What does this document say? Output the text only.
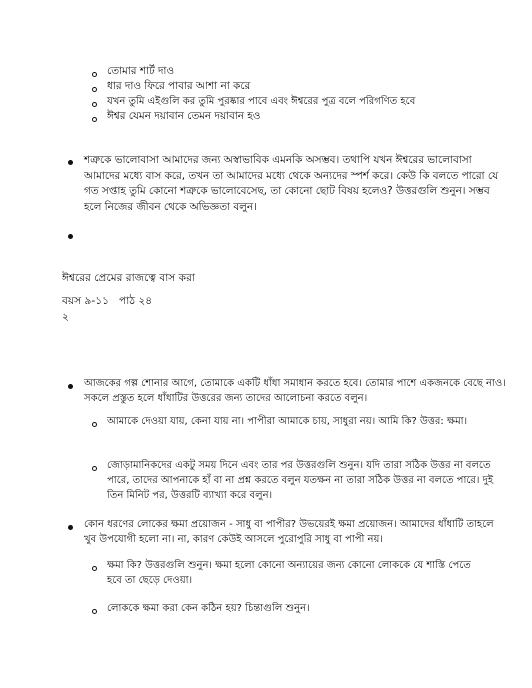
তোমার শার্ট দাও
ধার দাও ফিরে পাবার আশা না করে
যখন তুমি এইগুলি কর তুমি পুরষ্কার পাবে এবং ঈশ্বরের পুত্র বলে পরিগণিত হবে
ঈশ্বর যেমন দয়াবান তেমন দয়াবান হও
শত্রুকে ভালোবাসা আমাদের জন্য অস্বাভাবিক এমনকি অসম্ভব। তথাপি যখন ঈশ্বরের ভালোবাসা আমাদের মধ্যে বাস করে, তখন তা আমাদের মধ্যে থেকে অন্যদের স্পর্শ করে। কেউ কি বলতে পারো যে গত সপ্তাহ তুমি কোনো শত্রুকে ভালোবেসেছ, তা কোনো ছোট বিষয় হলেও? উত্তরগুলি শুনুন। সম্ভব হলে নিজের জীবন থেকে অভিজ্ঞতা বলুন।
ঈশ্বরের প্রেমের রাজত্বে বাস করা
বয়স ৯-১১   পাঠ ২৪
২
আজকের গল্প শোনার আগে, তোমাকে একটি ধাঁধা সমাধান করতে হবে। তোমার পাশে একজনকে বেছে নাও। সকলে প্রস্তুত হলে ধাঁধাটির উত্তরের জন্য তাদের আলোচনা করতে বলুন।
আমাকে দেওয়া যায়, কেনা যায় না। পাপীরা আমাকে চায়, সাধুরা নয়। আমি কি? উত্তর: ক্ষমা।
জোড়ামানিকদের একটু সময় দিনে এবং তার পর উত্তরগুলি শুনুন। যদি তারা সঠিক উত্তর না বলতে পারে, তাদের আপনাকে হাঁ বা না প্রশ্ন করতে বলুন যতক্ষন না তারা সঠিক উত্তর না বলতে পারে। দুই তিন মিনিট পর, উত্তরটি ব্যাখ্যা করে বলুন।
কোন ধরণের লোকের ক্ষমা প্রয়োজন - সাধু বা পাপীর? উভয়েরই ক্ষমা প্রয়োজন। আমাদের ধাঁধাটি তাহলে খুব উপযোগী হলো না। না, কারণ কেউই আসলে পুরোপুরি সাধু বা পাপী নয়।
ক্ষমা কি? উত্তরগুলি শুনুন। ক্ষমা হলো কোনো অন্যায়ের জন্য কোনো লোককে যে শাস্তি পেতে হবে তা ছেড়ে দেওয়া।
লোককে ক্ষমা করা কেন কঠিন হয়? চিন্তাগুলি শুনুন।
